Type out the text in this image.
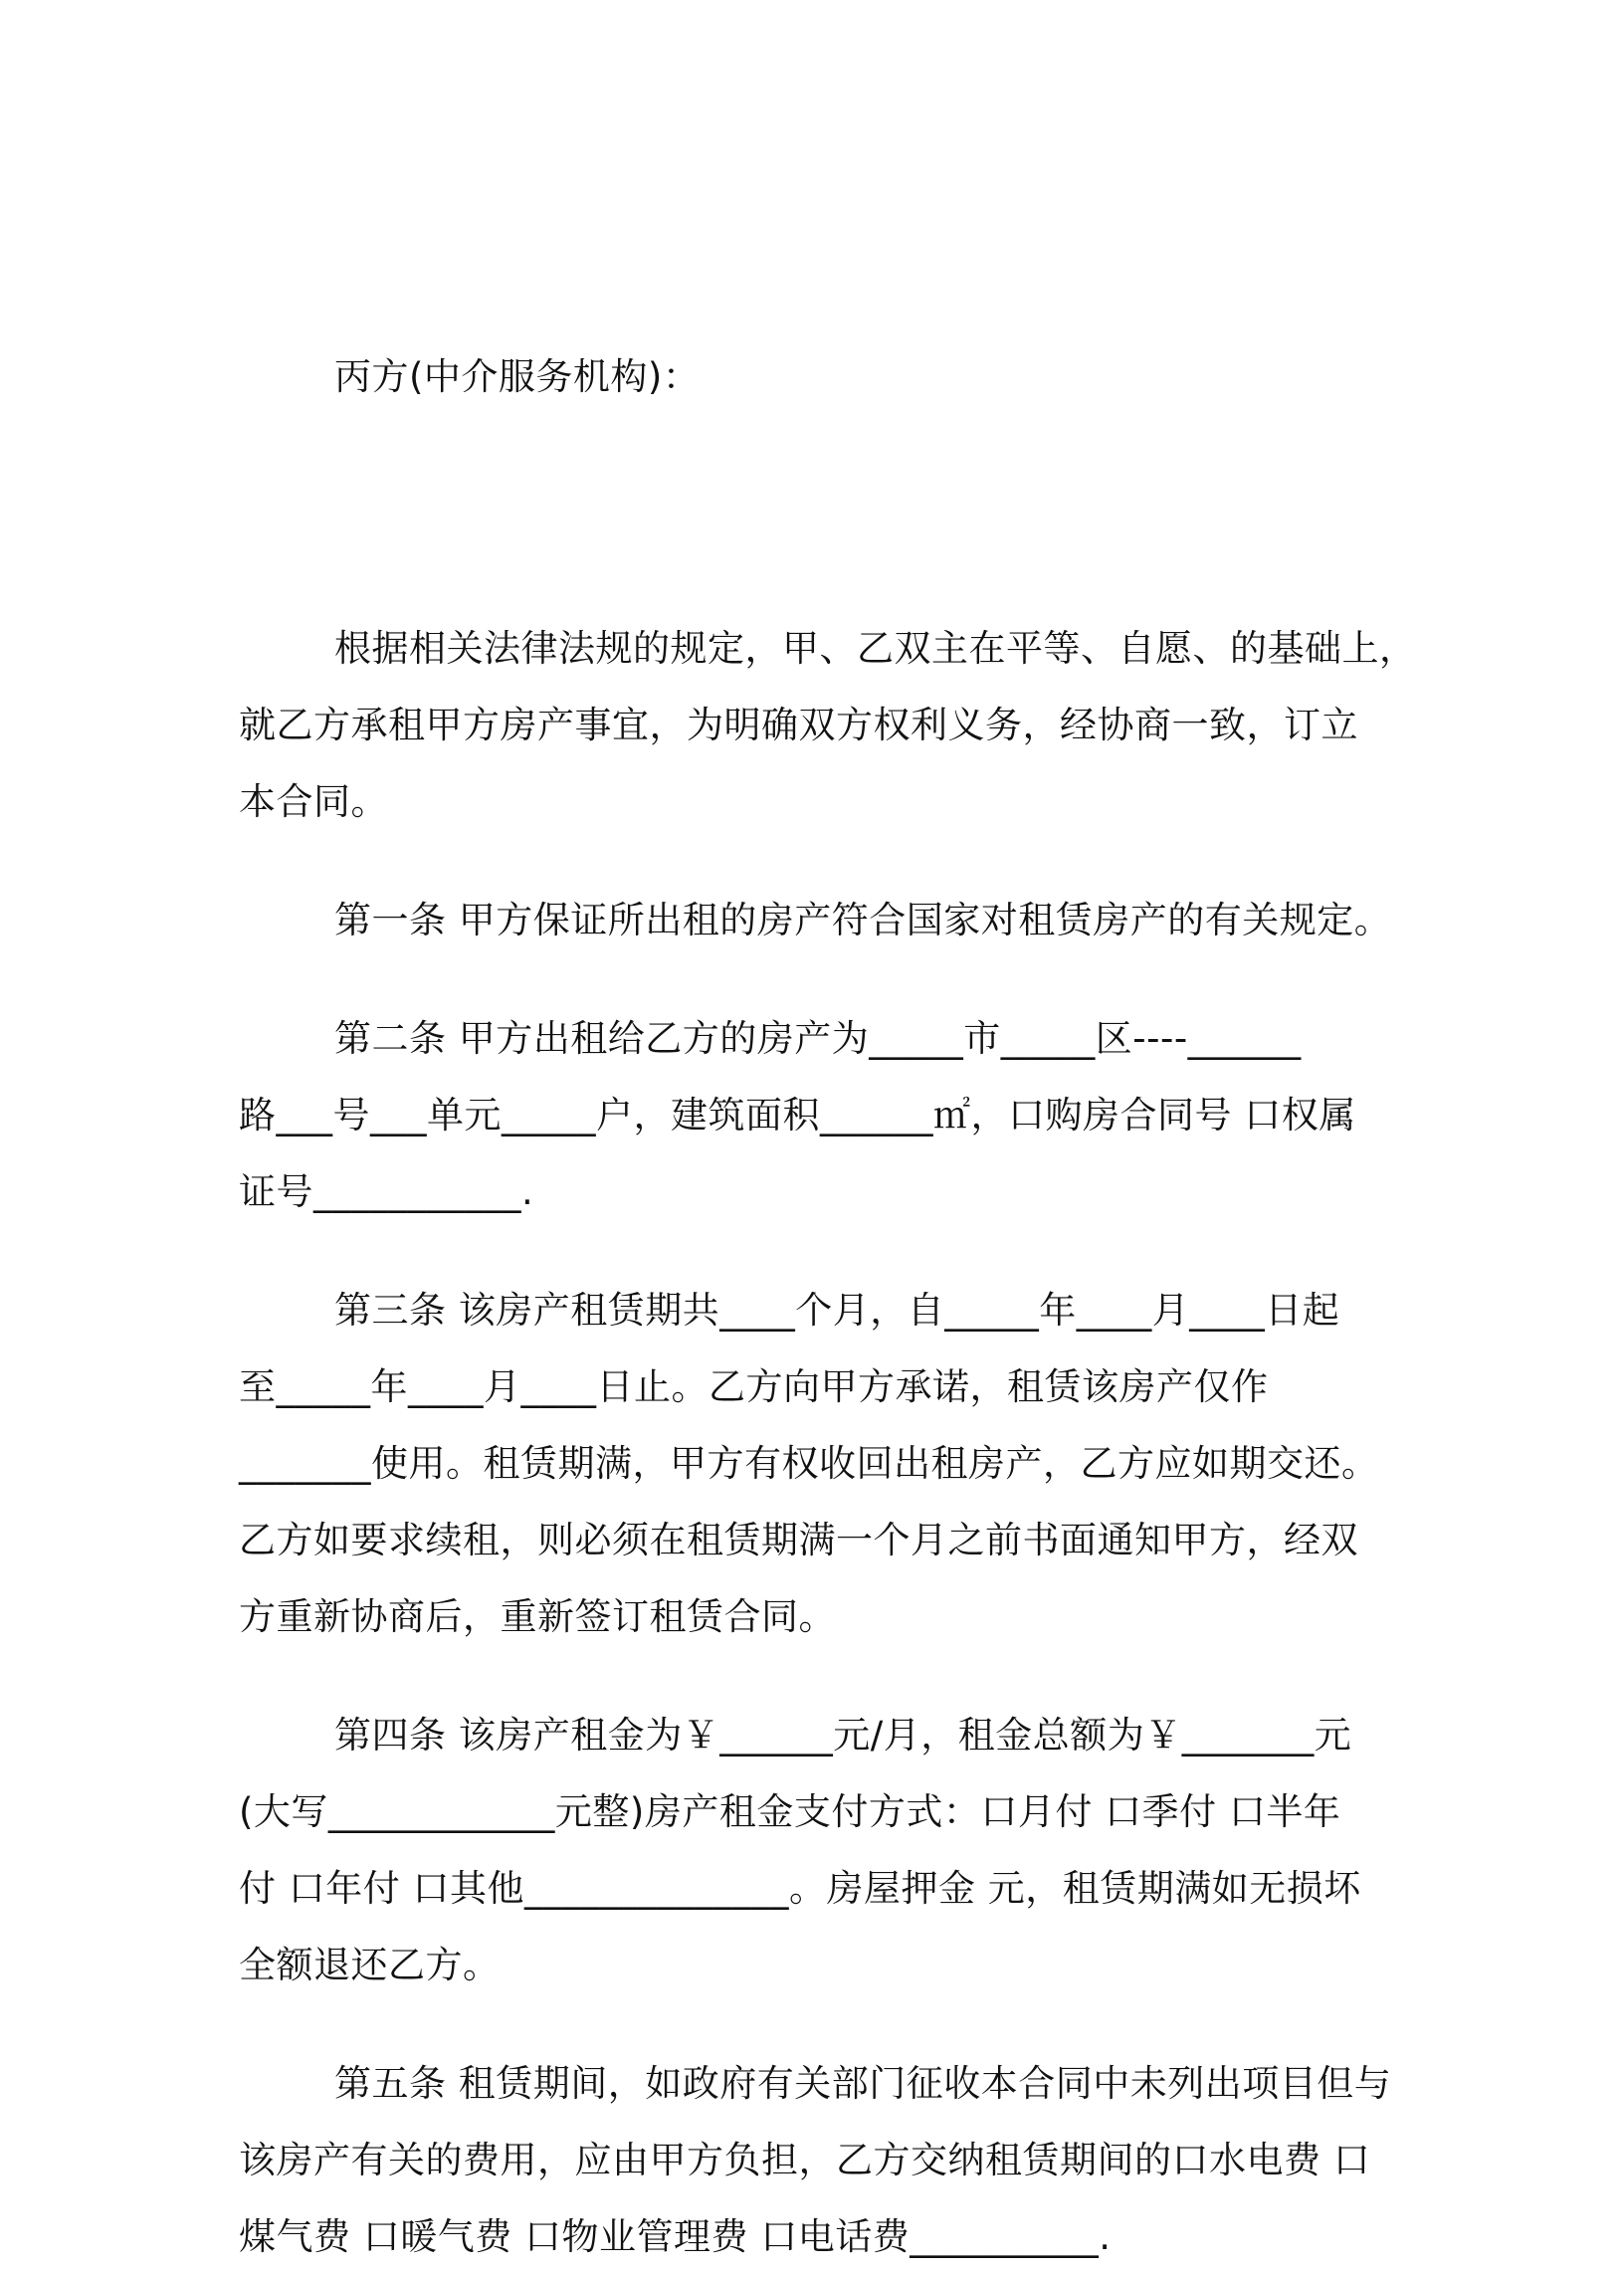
丙方(中介服务机构)：

根据相关法律法规的规定，甲、乙双主在平等、自愿、的基础上，
就乙方承租甲方房产事宜，为明确双方权利义务，经协商一致，订立
本合同。
第一条 甲方保证所出租的房产符合国家对租赁房产的有关规定。
第二条 甲方出租给乙方的房产为_____市_____区----______
路___号___单元_____户，建筑面积______㎡，口购房合同号 口权属
证号___________.
第三条 该房产租赁期共____个月，自_____年____月____日起
至_____年____月____日止。乙方向甲方承诺，租赁该房产仅作
_______使用。租赁期满，甲方有权收回出租房产，乙方应如期交还。
乙方如要求续租，则必须在租赁期满一个月之前书面通知甲方，经双
方重新协商后，重新签订租赁合同。
第四条 该房产租金为￥______元/月，租金总额为￥_______元
(大写____________元整)房产租金支付方式：口月付 口季付 口半年
付 口年付 口其他______________。房屋押金 元，租赁期满如无损坏
全额退还乙方。
第五条 租赁期间，如政府有关部门征收本合同中未列出项目但与
该房产有关的费用，应由甲方负担，乙方交纳租赁期间的口水电费 口
煤气费 口暖气费 口物业管理费 口电话费__________.
